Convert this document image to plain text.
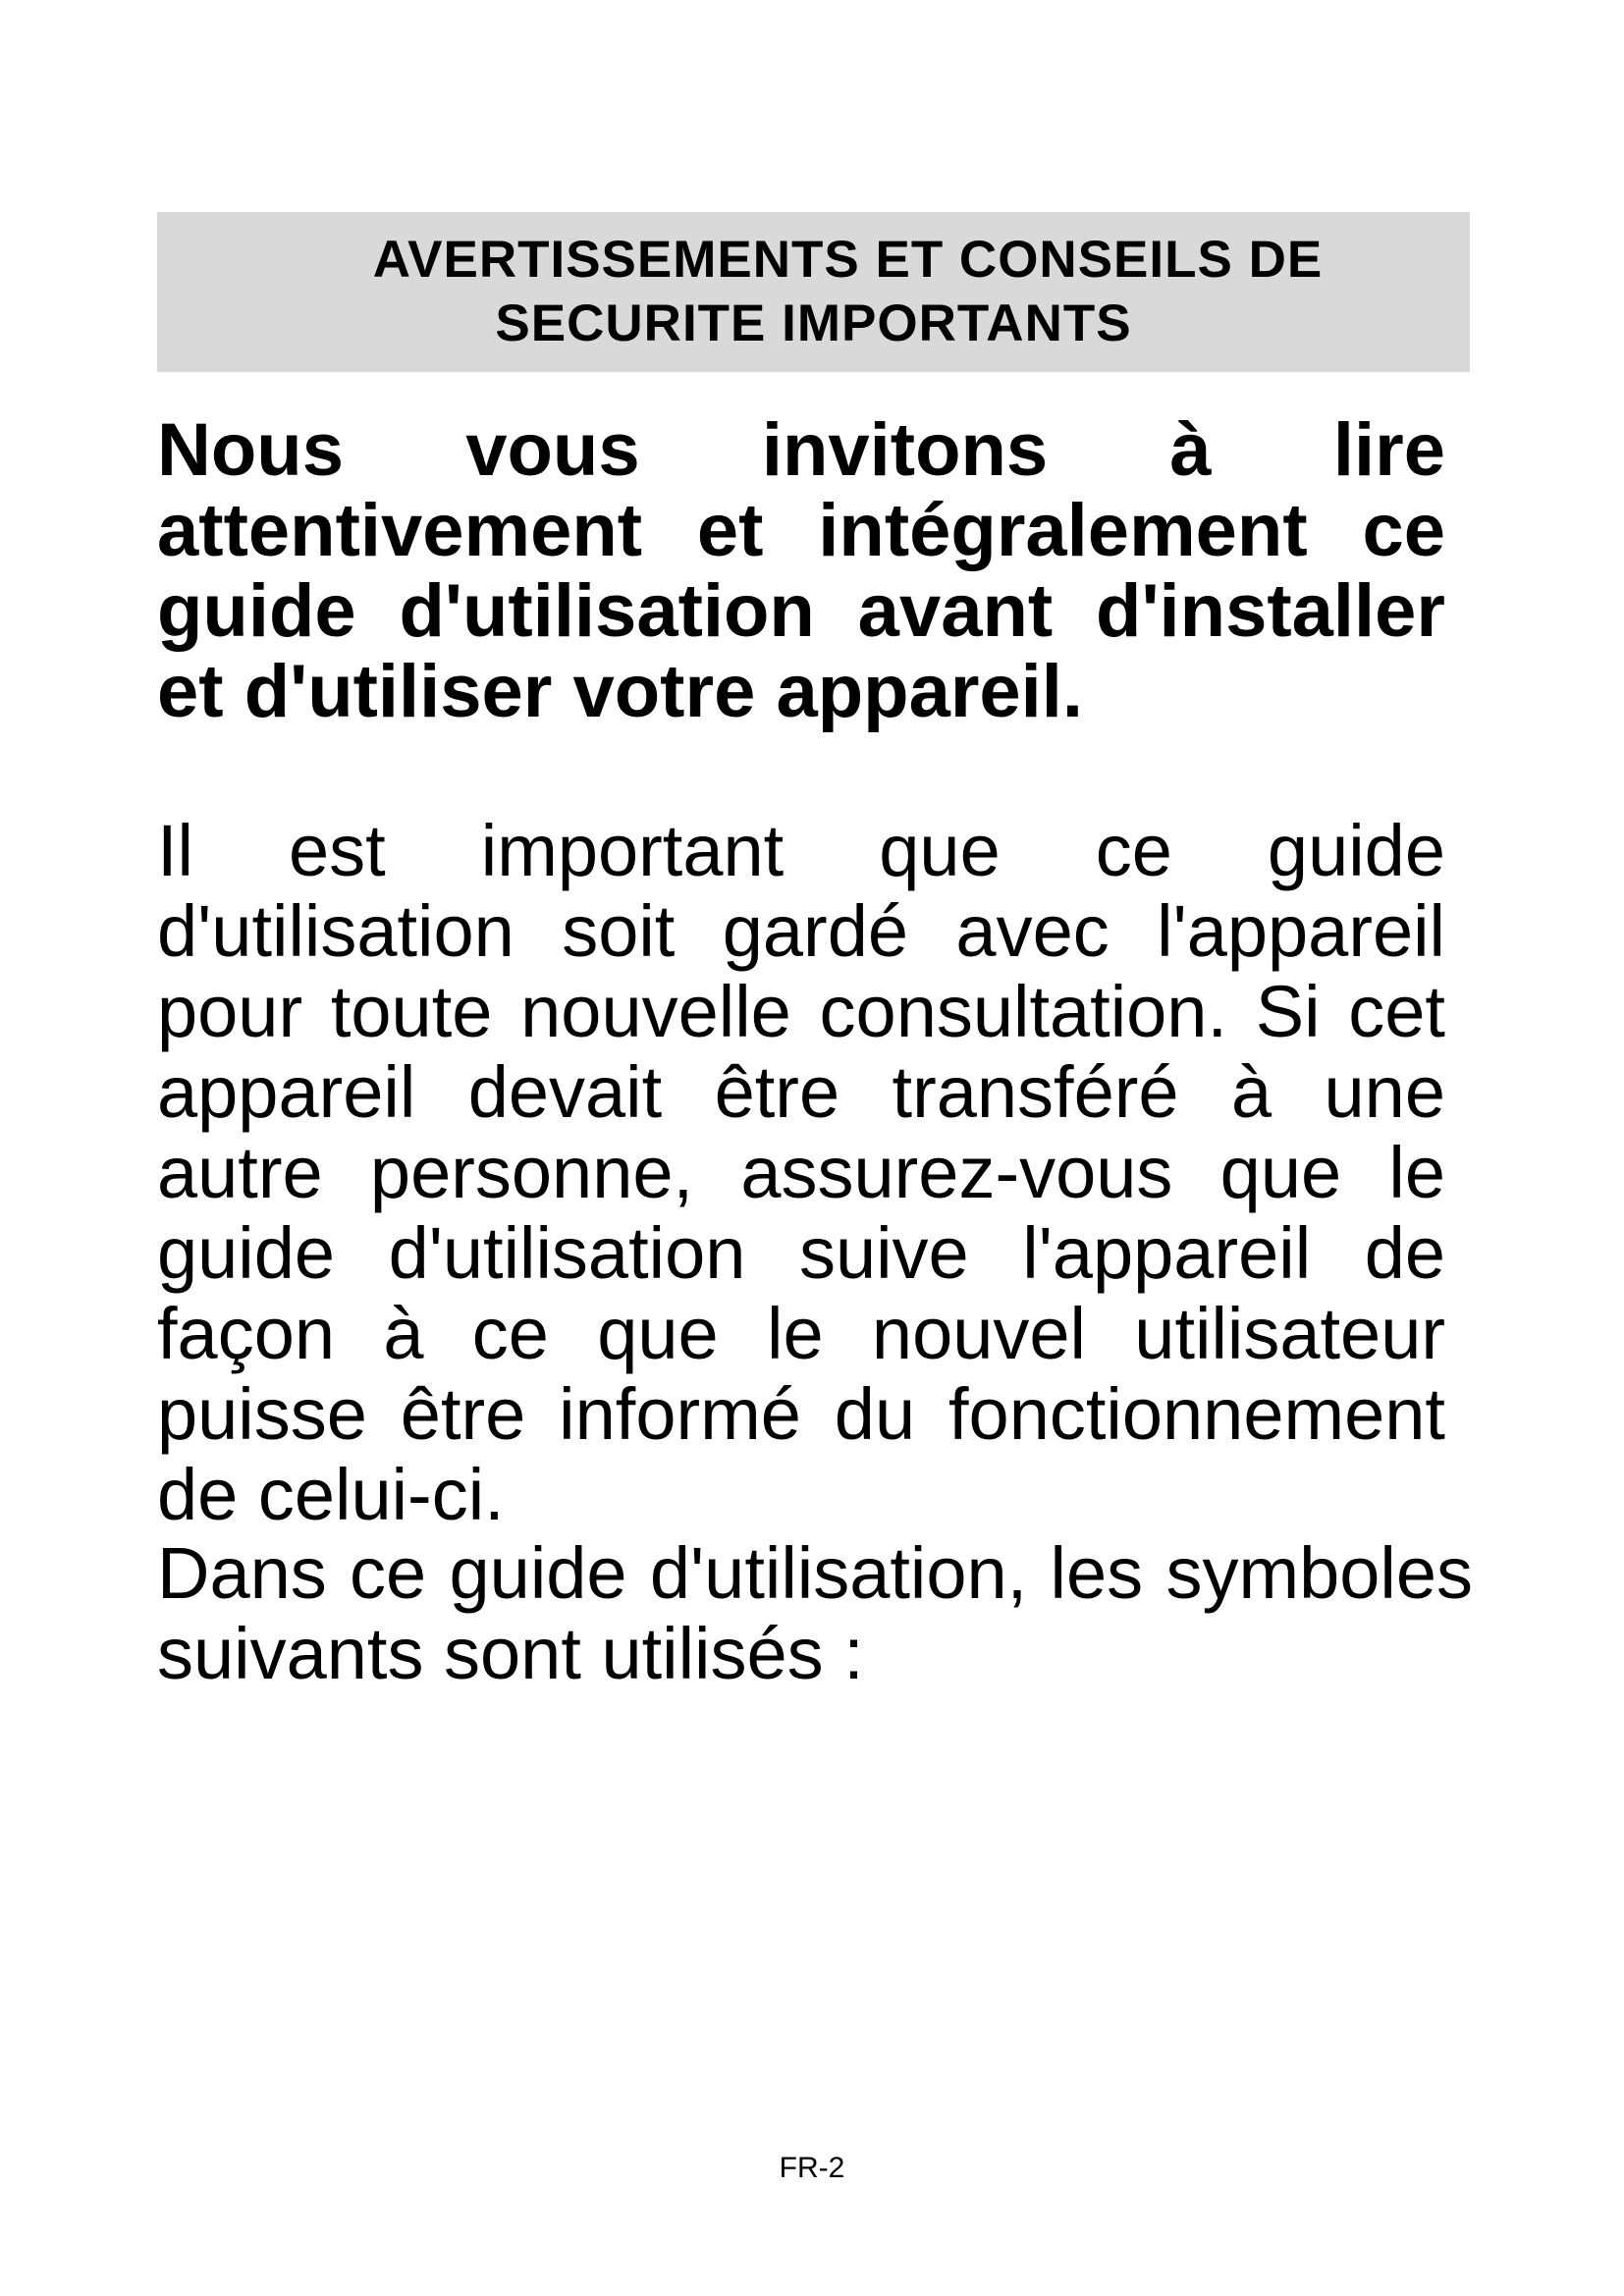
AVERTISSEMENTS ET CONSEILS DE
SECURITE IMPORTANTS
Nous vous invitons à lire attentivement et intégralement ce guide d'utilisation avant d'installer et d'utiliser votre appareil.
Il est important que ce guide d'utilisation soit gardé avec l'appareil pour toute nouvelle consultation. Si cet appareil devait être transféré à une autre personne, assurez-vous que le guide d'utilisation suive l'appareil de façon à ce que le nouvel utilisateur puisse être informé du fonctionnement de celui-ci.
Dans ce guide d'utilisation, les symboles suivants sont utilisés :
FR-2
